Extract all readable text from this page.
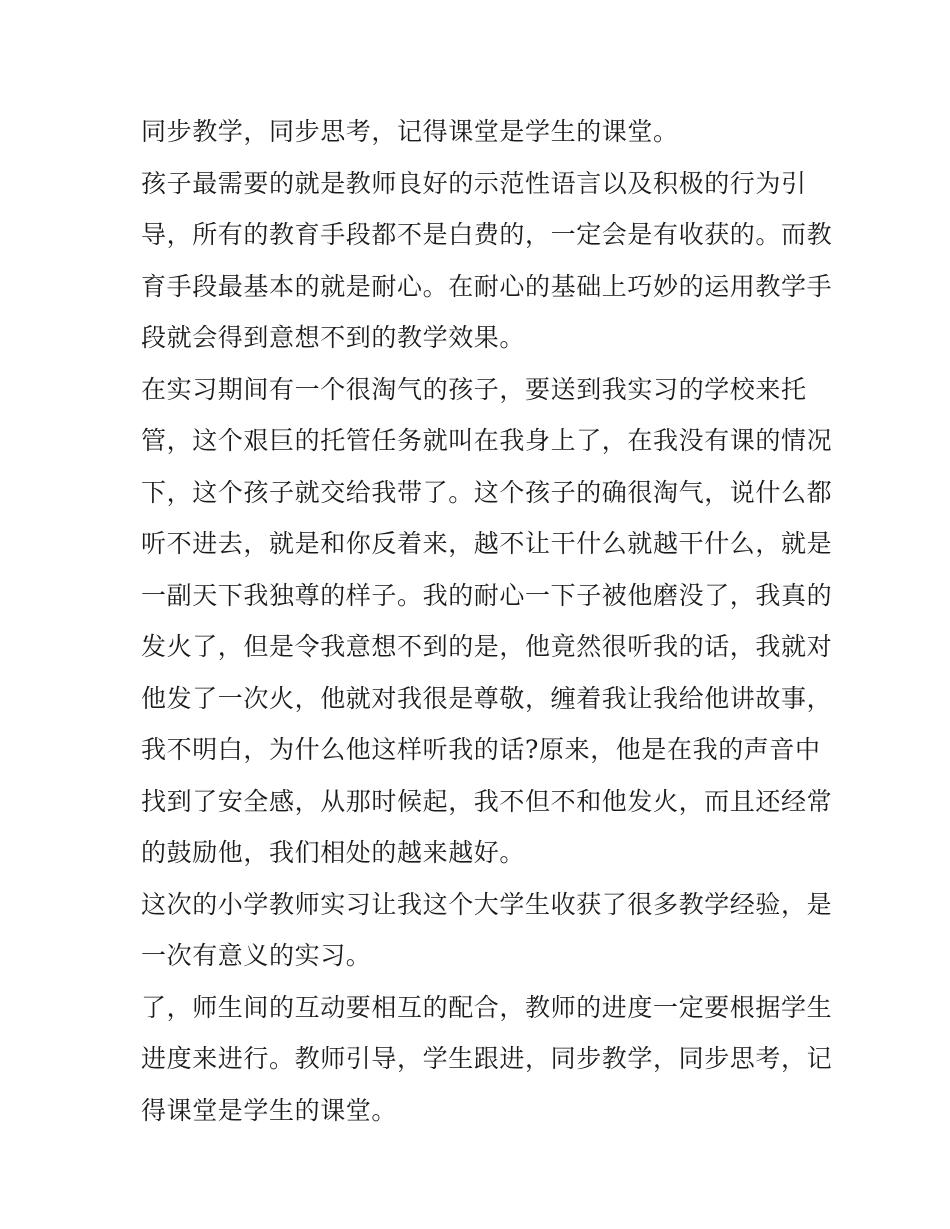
同步教学，同步思考，记得课堂是学生的课堂。

孩子最需要的就是教师良好的示范性语言以及积极的行为引
导，所有的教育手段都不是白费的，一定会是有收获的。而教
育手段最基本的就是耐心。在耐心的基础上巧妙的运用教学手
段就会得到意想不到的教学效果。

在实习期间有一个很淘气的孩子，要送到我实习的学校来托
管，这个艰巨的托管任务就叫在我身上了，在我没有课的情况
下，这个孩子就交给我带了。这个孩子的确很淘气，说什么都
听不进去，就是和你反着来，越不让干什么就越干什么，就是
一副天下我独尊的样子。我的耐心一下子被他磨没了，我真的
发火了，但是令我意想不到的是，他竟然很听我的话，我就对
他发了一次火，他就对我很是尊敬，缠着我让我给他讲故事，
我不明白，为什么他这样听我的话?原来，他是在我的声音中
找到了安全感，从那时候起，我不但不和他发火，而且还经常
的鼓励他，我们相处的越来越好。

这次的小学教师实习让我这个大学生收获了很多教学经验，是
一次有意义的实习。

了，师生间的互动要相互的配合，教师的进度一定要根据学生
进度来进行。教师引导，学生跟进，同步教学，同步思考，记
得课堂是学生的课堂。
